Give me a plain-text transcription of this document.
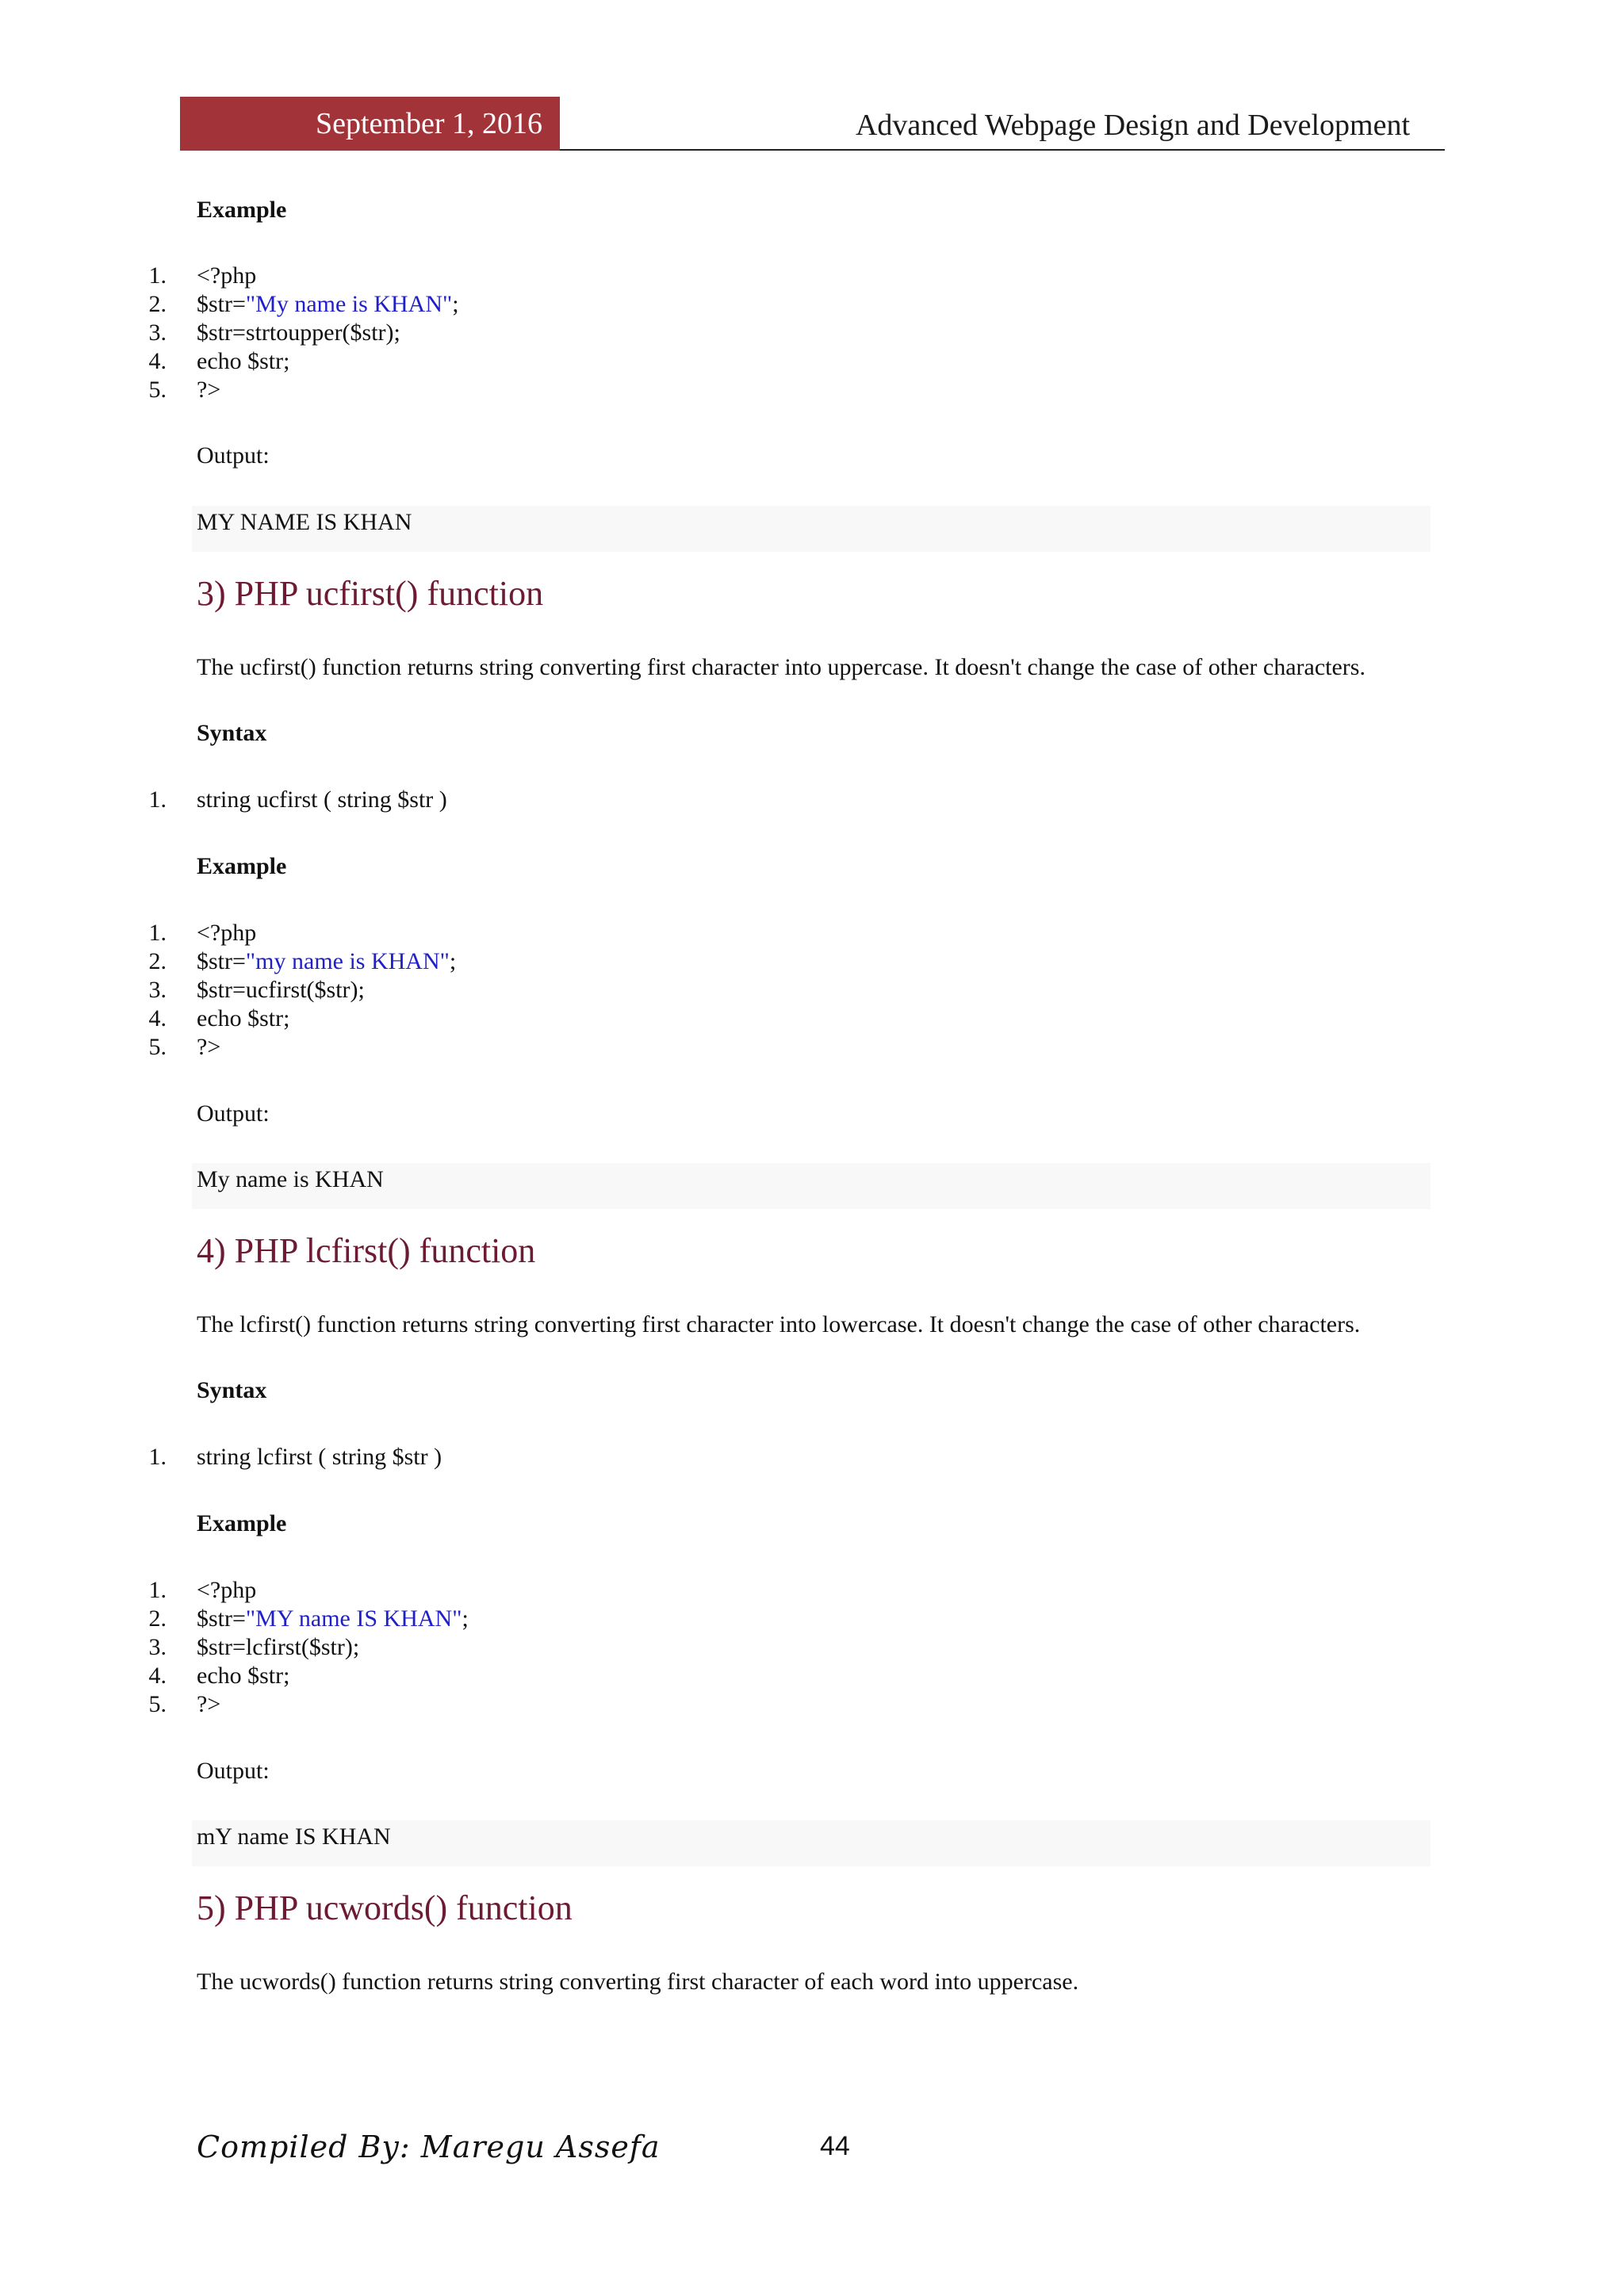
September 1, 2016	Advanced Webpage Design and Development
Example
1. <?php
2. $str="My name is KHAN";
3. $str=strtoupper($str);
4. echo $str;
5. ?>
Output:
MY NAME IS KHAN
3) PHP ucfirst() function
The ucfirst() function returns string converting first character into uppercase. It doesn't change the case of other characters.
Syntax
1. string ucfirst ( string $str )
Example
1. <?php
2. $str="my name is KHAN";
3. $str=ucfirst($str);
4. echo $str;
5. ?>
Output:
My name is KHAN
4) PHP lcfirst() function
The lcfirst() function returns string converting first character into lowercase. It doesn't change the case of other characters.
Syntax
1. string lcfirst ( string $str )
Example
1. <?php
2. $str="MY name IS KHAN";
3. $str=lcfirst($str);
4. echo $str;
5. ?>
Output:
mY name IS KHAN
5) PHP ucwords() function
The ucwords() function returns string converting first character of each word into uppercase.
Compiled By: Maregu Assefa	44
